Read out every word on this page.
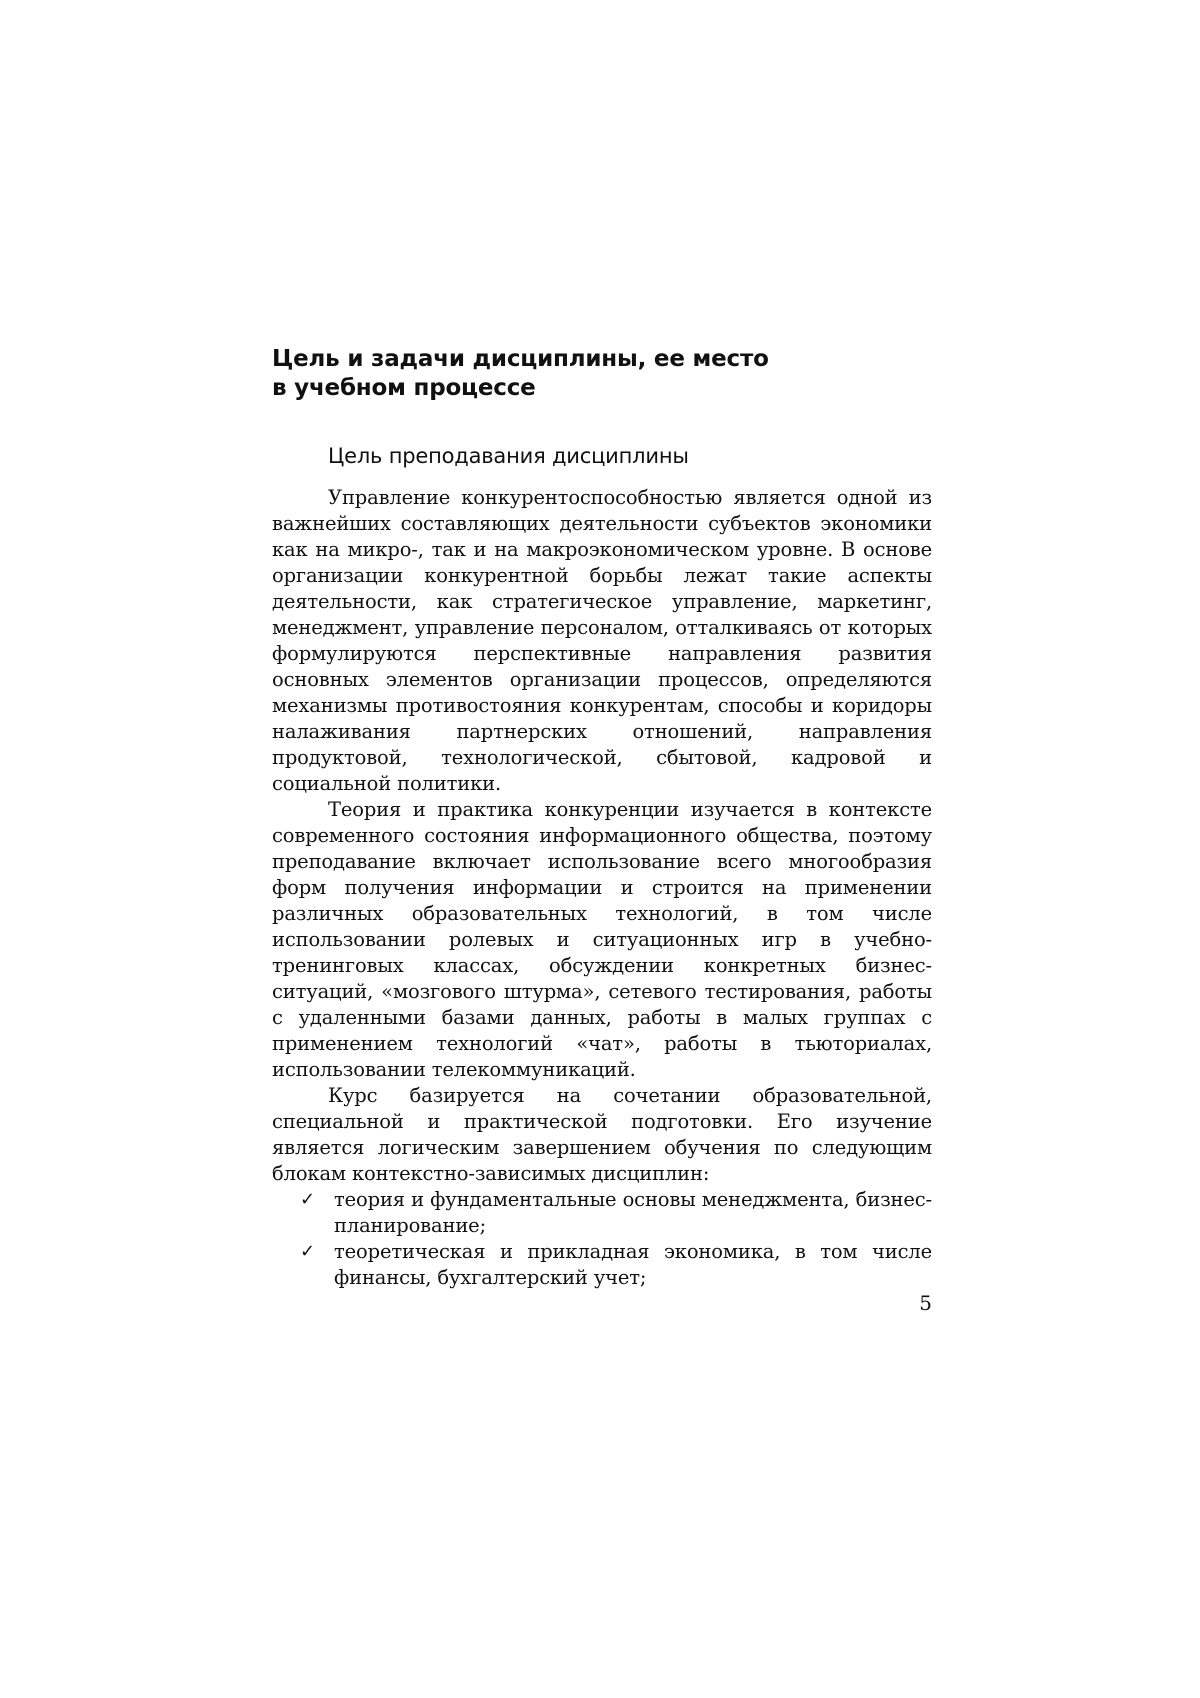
Цель и задачи дисциплины, ее место
в учебном процессе
Цель преподавания дисциплины

Управление конкурентоспособностью является одной из важнейших составляющих деятельности субъектов экономики как на микро-, так и на макроэкономическом уровне. В основе организации конкурентной борьбы лежат такие аспекты деятельности, как стратегическое управление, маркетинг, менеджмент, управление персоналом, отталкиваясь от которых формулируются перспективные направления развития основных элементов организации процессов, определяются механизмы противостояния конкурентам, способы и коридоры налаживания партнерских отношений, направления продуктовой, технологической, сбытовой, кадровой и социальной политики.

Теория и практика конкуренции изучается в контексте современного состояния информационного общества, поэтому преподавание включает использование всего многообразия форм получения информации и строится на применении различных образовательных технологий, в том числе использовании ролевых и ситуационных игр в учебно-тренинговых классах, обсуждении конкретных бизнес-ситуаций, «мозгового штурма», сетевого тестирования, работы с удаленными базами данных, работы в малых группах с применением технологий «чат», работы в тьюториалах, использовании телекоммуникаций.

Курс базируется на сочетании образовательной, специальной и практической подготовки. Его изучение является логическим завершением обучения по следующим блокам контекстно-зависимых дисциплин:

✓ теория и фундаментальные основы менеджмента, бизнес-планирование;
✓ теоретическая и прикладная экономика, в том числе финансы, бухгалтерский учет;
5
